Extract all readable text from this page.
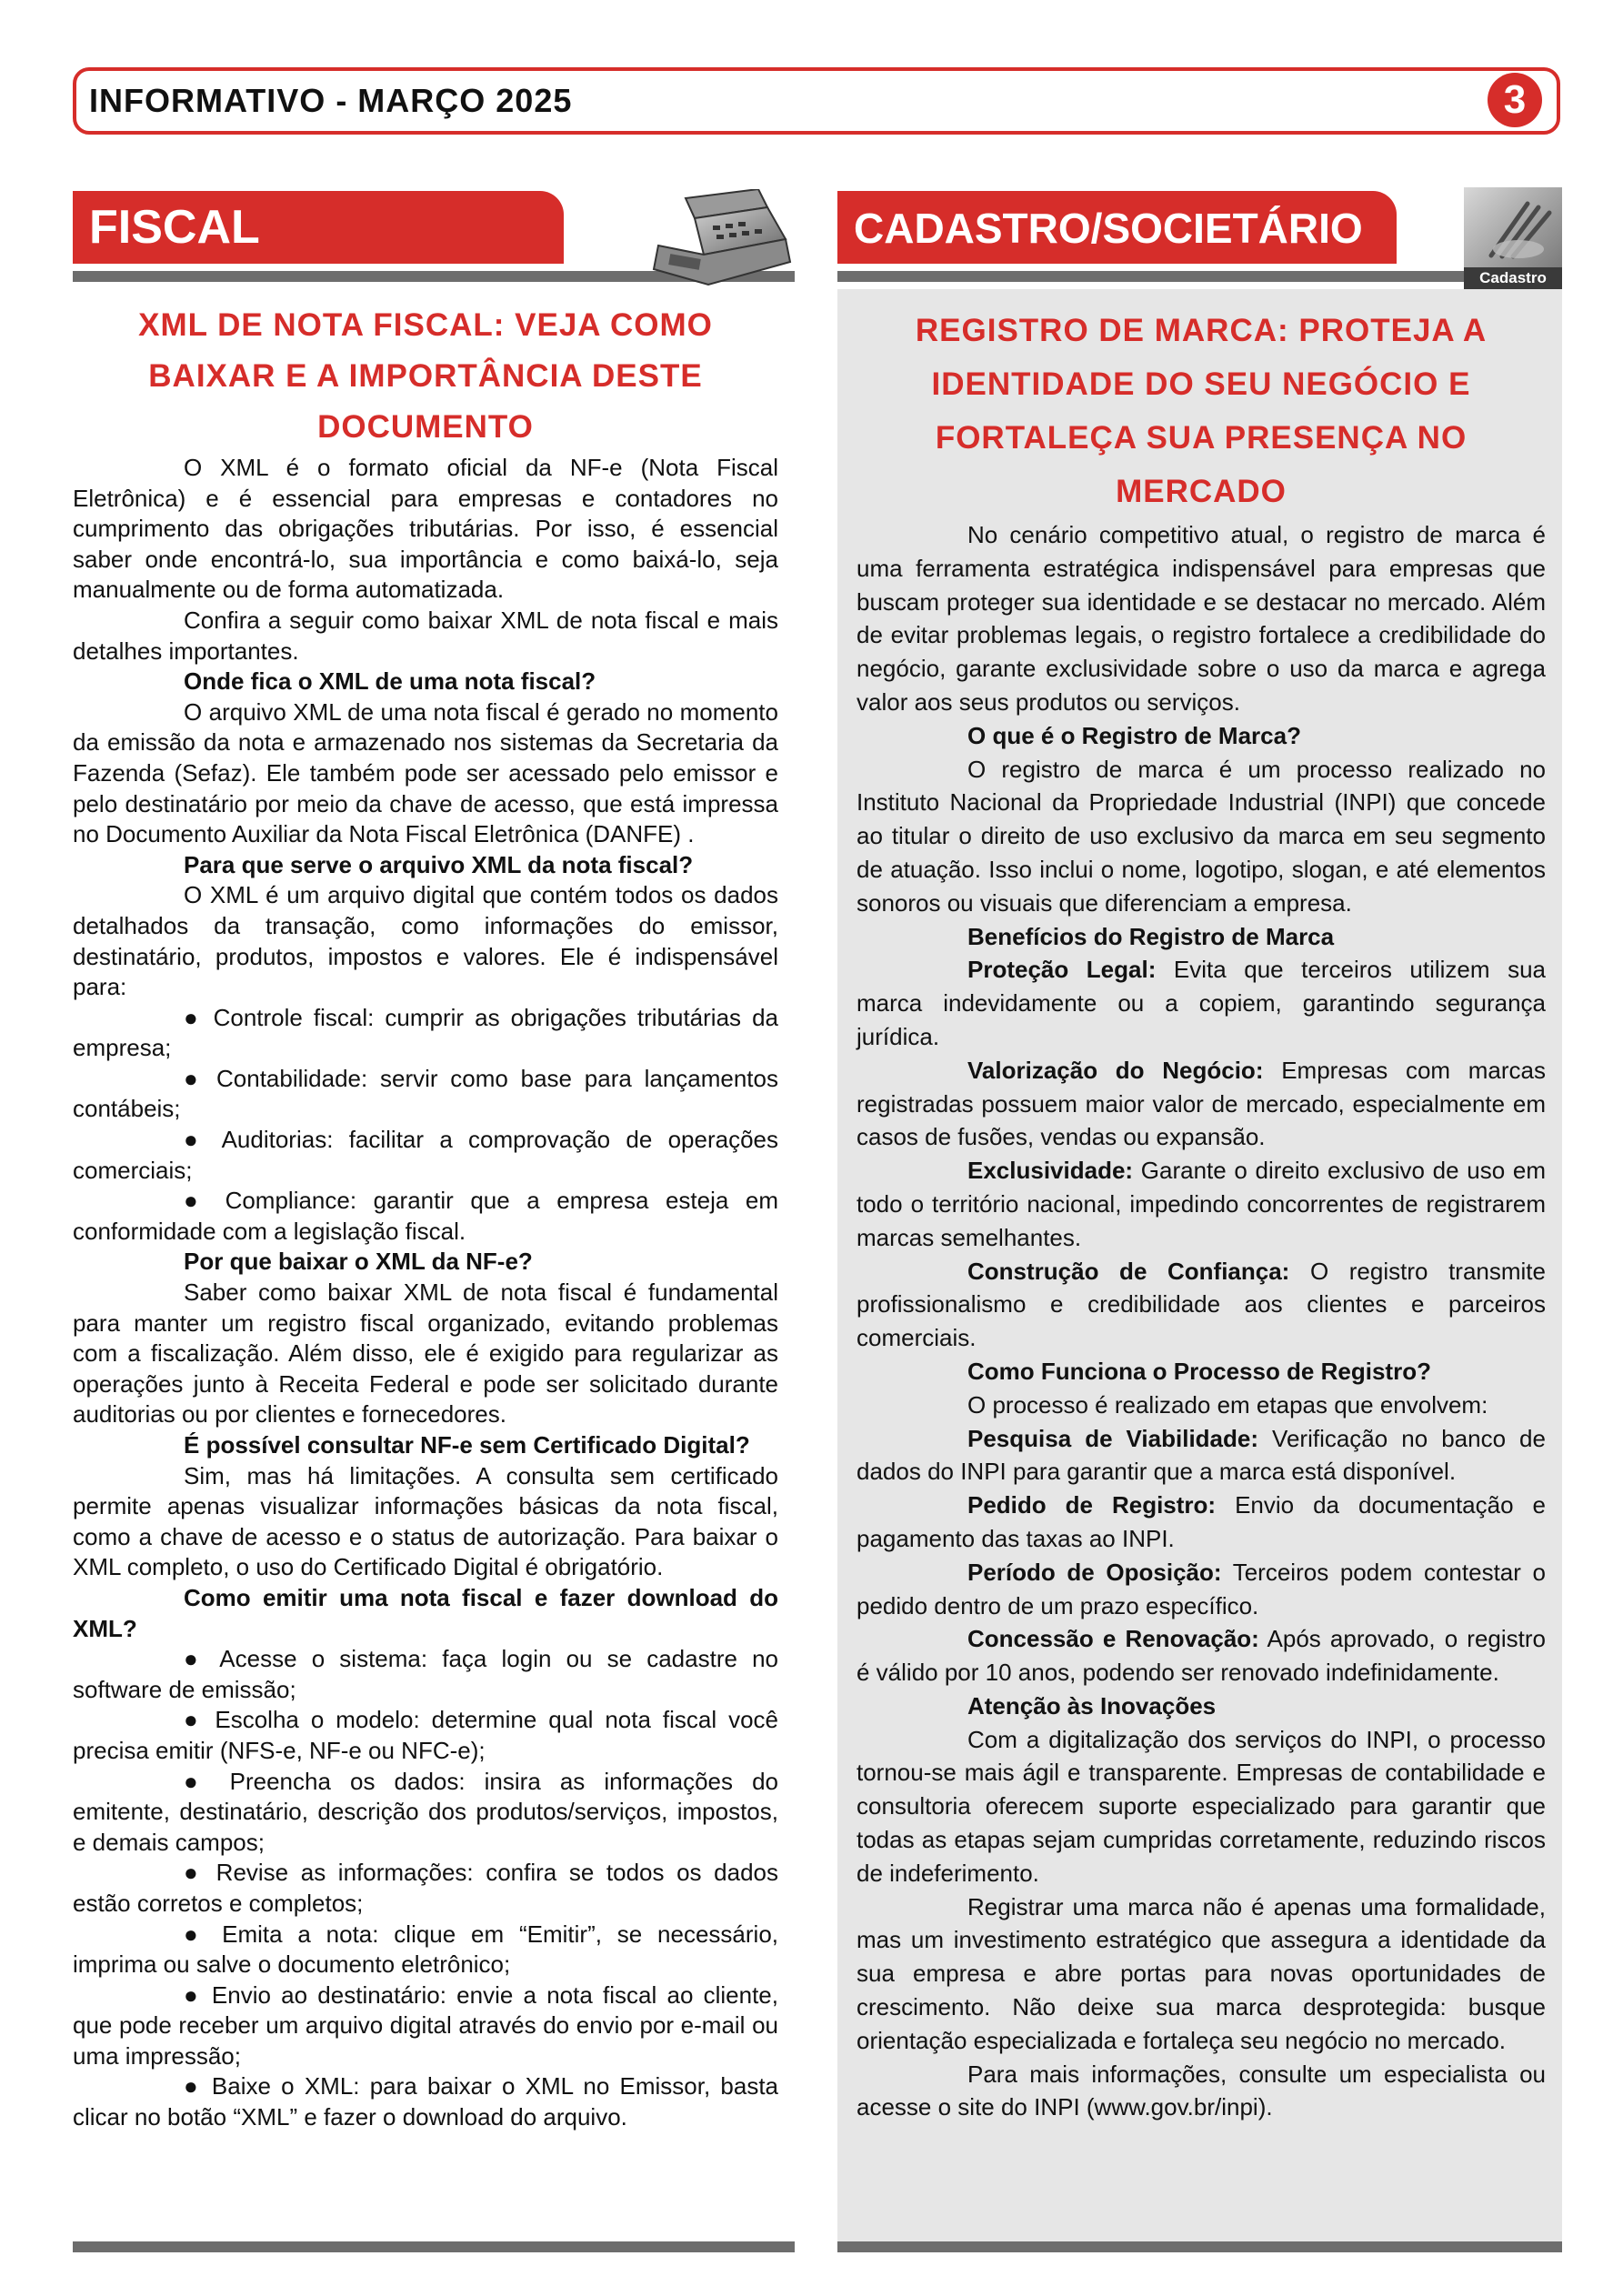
INFORMATIVO - MARÇO 2025	3
FISCAL	CADASTRO/SOCIETÁRIO
Cadastro
XML DE NOTA FISCAL: VEJA COMO BAIXAR E A IMPORTÂNCIA DESTE DOCUMENTO

O XML é o formato oficial da NF-e (Nota Fiscal Eletrônica) e é essencial para empresas e contadores no cumprimento das obrigações tributárias. Por isso, é essencial saber onde encontrá-lo, sua importância e como baixá-lo, seja manualmente ou de forma automatizada.

Confira a seguir como baixar XML de nota fiscal e mais detalhes importantes.

Onde fica o XML de uma nota fiscal?

O arquivo XML de uma nota fiscal é gerado no momento da emissão da nota e armazenado nos sistemas da Secretaria da Fazenda (Sefaz). Ele também pode ser acessado pelo emissor e pelo destinatário por meio da chave de acesso, que está impressa no Documento Auxiliar da Nota Fiscal Eletrônica (DANFE) .

Para que serve o arquivo XML da nota fiscal?

O XML é um arquivo digital que contém todos os dados detalhados da transação, como informações do emissor, destinatário, produtos, impostos e valores. Ele é indispensável para:

● Controle fiscal: cumprir as obrigações tributárias da empresa;

● Contabilidade: servir como base para lançamentos contábeis;

● Auditorias: facilitar a comprovação de operações comerciais;

● Compliance: garantir que a empresa esteja em conformidade com a legislação fiscal.

Por que baixar o XML da NF-e?

Saber como baixar XML de nota fiscal é fundamental para manter um registro fiscal organizado, evitando problemas com a fiscalização. Além disso, ele é exigido para regularizar as operações junto à Receita Federal e pode ser solicitado durante auditorias ou por clientes e fornecedores.

É possível consultar NF-e sem Certificado Digital?

Sim, mas há limitações. A consulta sem certificado permite apenas visualizar informações básicas da nota fiscal, como a chave de acesso e o status de autorização. Para baixar o XML completo, o uso do Certificado Digital é obrigatório.

Como emitir uma nota fiscal e fazer download do XML?

● Acesse o sistema: faça login ou se cadastre no software de emissão;

● Escolha o modelo: determine qual nota fiscal você precisa emitir (NFS-e, NF-e ou NFC-e);

● Preencha os dados: insira as informações do emitente, destinatário, descrição dos produtos/serviços, impostos, e demais campos;

● Revise as informações: confira se todos os dados estão corretos e completos;

● Emita a nota: clique em “Emitir”, se necessário, imprima ou salve o documento eletrônico;

● Envio ao destinatário: envie a nota fiscal ao cliente, que pode receber um arquivo digital através do envio por e-mail ou uma impressão;

● Baixe o XML: para baixar o XML no Emissor, basta clicar no botão “XML” e fazer o download do arquivo.

REGISTRO DE MARCA: PROTEJA A IDENTIDADE DO SEU NEGÓCIO E FORTALEÇA SUA PRESENÇA NO MERCADO

No cenário competitivo atual, o registro de marca é uma ferramenta estratégica indispensável para empresas que buscam proteger sua identidade e se destacar no mercado. Além de evitar problemas legais, o registro fortalece a credibilidade do negócio, garante exclusividade sobre o uso da marca e agrega valor aos seus produtos ou serviços.

O que é o Registro de Marca?

O registro de marca é um processo realizado no Instituto Nacional da Propriedade Industrial (INPI) que concede ao titular o direito de uso exclusivo da marca em seu segmento de atuação. Isso inclui o nome, logotipo, slogan, e até elementos sonoros ou visuais que diferenciam a empresa.

Benefícios do Registro de Marca

Proteção Legal: Evita que terceiros utilizem sua marca indevidamente ou a copiem, garantindo segurança jurídica.

Valorização do Negócio: Empresas com marcas registradas possuem maior valor de mercado, especialmente em casos de fusões, vendas ou expansão.

Exclusividade: Garante o direito exclusivo de uso em todo o território nacional, impedindo concorrentes de registrarem marcas semelhantes.

Construção de Confiança: O registro transmite profissionalismo e credibilidade aos clientes e parceiros comerciais.

Como Funciona o Processo de Registro?

O processo é realizado em etapas que envolvem:

Pesquisa de Viabilidade: Verificação no banco de dados do INPI para garantir que a marca está disponível.

Pedido de Registro: Envio da documentação e pagamento das taxas ao INPI.

Período de Oposição: Terceiros podem contestar o pedido dentro de um prazo específico.

Concessão e Renovação: Após aprovado, o registro é válido por 10 anos, podendo ser renovado indefinidamente.

Atenção às Inovações

Com a digitalização dos serviços do INPI, o processo tornou-se mais ágil e transparente. Empresas de contabilidade e consultoria oferecem suporte especializado para garantir que todas as etapas sejam cumpridas corretamente, reduzindo riscos de indeferimento.

Registrar uma marca não é apenas uma formalidade, mas um investimento estratégico que assegura a identidade da sua empresa e abre portas para novas oportunidades de crescimento. Não deixe sua marca desprotegida: busque orientação especializada e fortaleça seu negócio no mercado.

Para mais informações, consulte um especialista ou acesse o site do INPI (www.gov.br/inpi).
